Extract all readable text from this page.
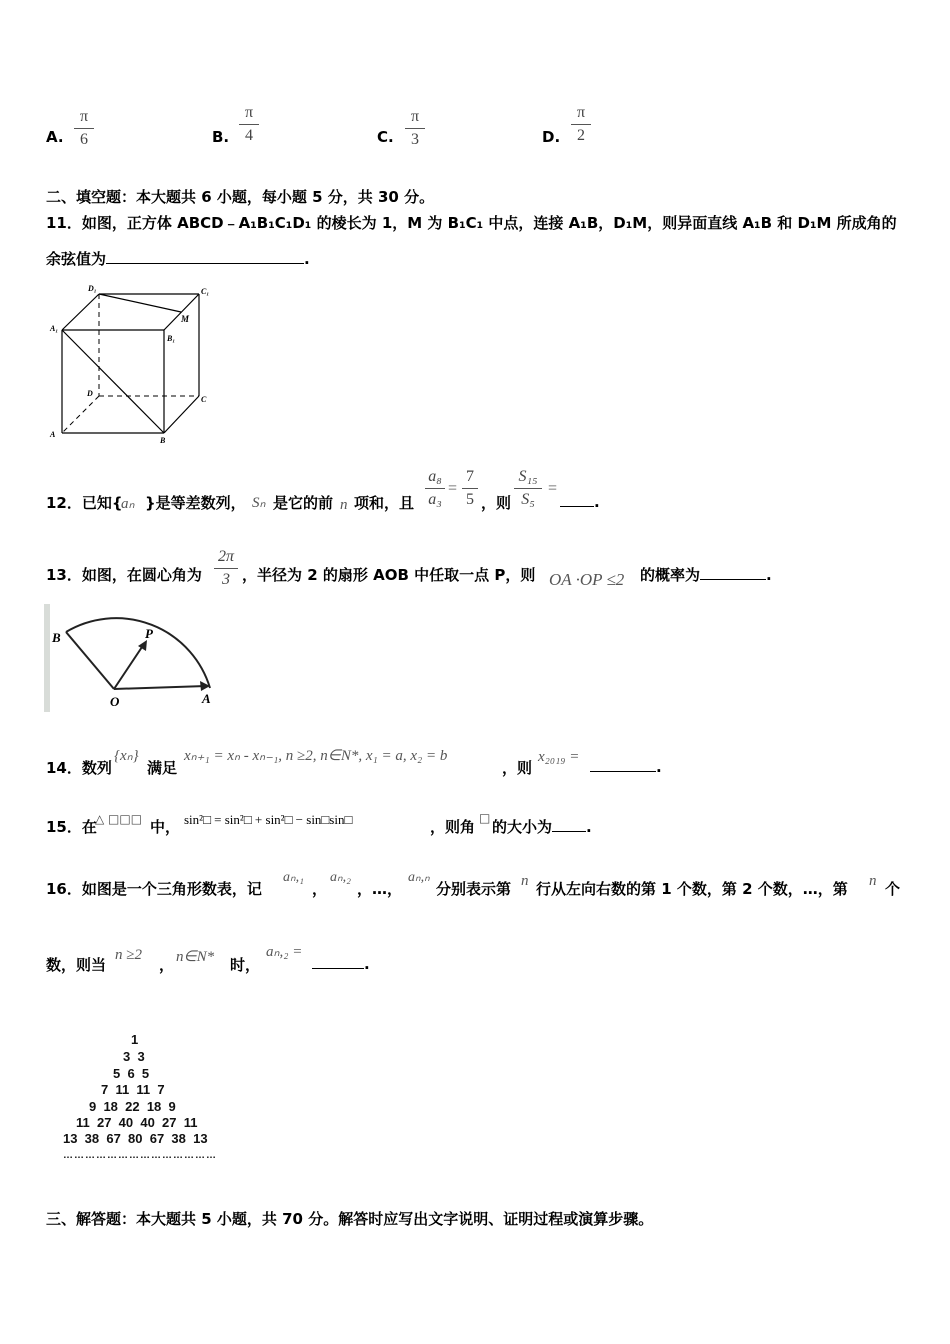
A.
π
6	B.
π
4	C.
π
3	D.
π
2
二、填空题：本大题共 6 小题，每小题 5 分，共 30 分。
11．如图，正方体 ABCD﹣A₁B₁C₁D₁ 的棱长为 1，M 为 B₁C₁ 中点，连接 A₁B，D₁M，则异面直线 A₁B 和 D₁M 所成角的
余弦值为	.
D₁	C₁
M
A₁
B₁
D
C
A
B
12．已知{
aₙ }是等差数列， Sₙ 是它的前 n 项和，且
a₈
a₃
=
7
5 ，则
S₁₅
S₅
=
.
13．如图，在圆心角为
2π
3 ，半径为 2 的扇形 AOB 中任取一点 P，则 OA ·OP ≤2 的概率为	.
B	P
O	A
14．数列
{xₙ}
满足
xₙ₊₁ = xₙ - xₙ₋₁, n ≥2, n∈N*, x₁ = a, x₂ = b
，则
x₂₀₁₉ =
.
15．在
△ □□□ 中， sin²□ = sin²□ + sin²□ − sin□sin□	，则角 □ 的大小为 .
16．如图是一个三角形数表，记
aₙ,₁
，
aₙ,₂
，…，
aₙ,ₙ
分别表示第 n 行从左向右数的第 1 个数，第 2 个数，…，第 n 个
数，则当
n ≥2
， n∈N* 时，
aₙ,₂ =
.
1
3  3
5  6  5
7  11  11  7
9  18  22  18  9
11  27  40  40  27  11
13  38  67  80  67  38  13
……………………………………
三、解答题：本大题共 5 小题，共 70 分。解答时应写出文字说明、证明过程或演算步骤。
